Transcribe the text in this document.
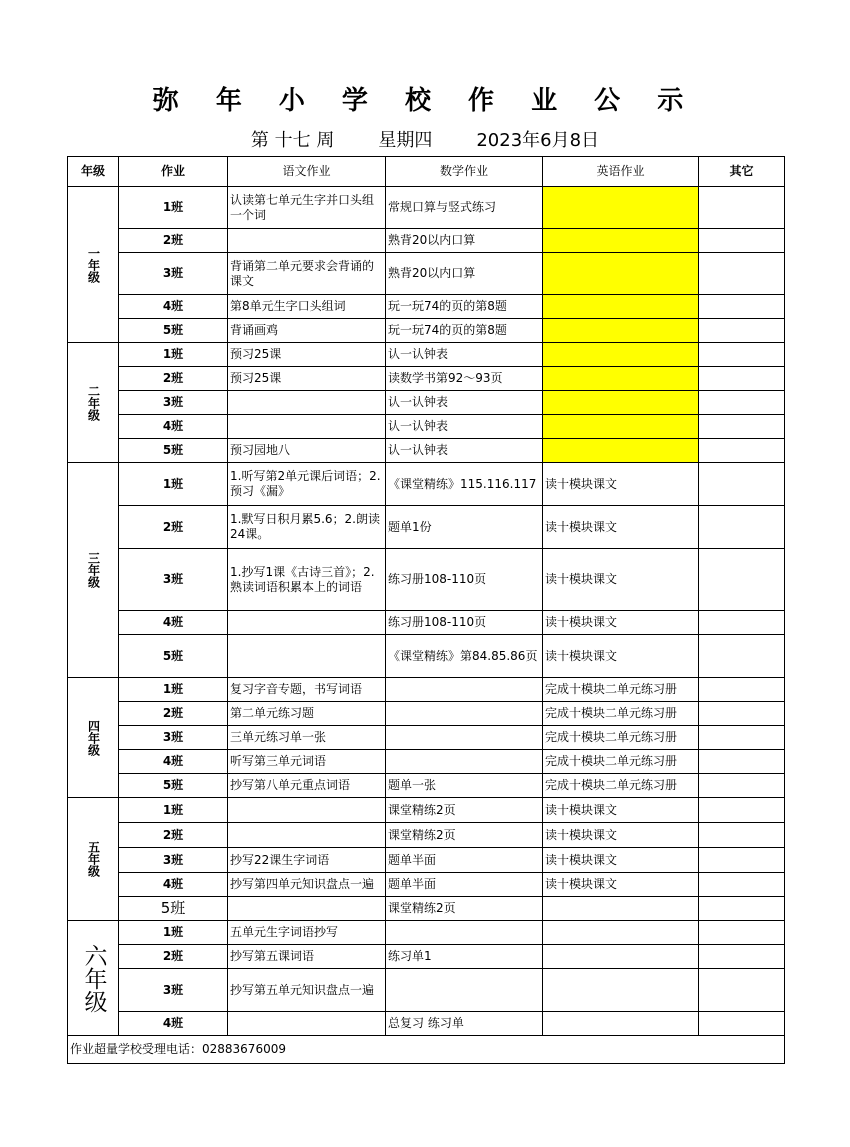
弥 年 小 学 校 作 业 公 示
第 十七 周 星期四 2023年6月8日
年级	作业	语文作业	数学作业	英语作业	其它
一年级	1班	认读第七单元生字并口头组一个词	常规口算与竖式练习		
	2班		熟背20以内口算		
	3班	背诵第二单元要求会背诵的课文	熟背20以内口算		
	4班	第8单元生字口头组词	玩一玩74的页的第8题		
	5班	背诵画鸡	玩一玩74的页的第8题		
二年级	1班	预习25课	认一认钟表		
	2班	预习25课	读数学书第92～93页		
	3班		认一认钟表		
	4班		认一认钟表		
	5班	预习园地八	认一认钟表		
三年级	1班	1.听写第2单元课后词语；2.预习《漏》	《课堂精练》115.116.117	读十模块课文	
	2班	1.默写日积月累5.6；2.朗读24课。	题单1份	读十模块课文	
	3班	1.抄写1课《古诗三首》；2.熟读词语积累本上的词语	练习册108-110页	读十模块课文	
	4班		练习册108-110页	读十模块课文	
	5班		《课堂精练》第84.85.86页	读十模块课文	
四年级	1班	复习字音专题，书写词语		完成十模块二单元练习册	
	2班	第二单元练习题		完成十模块二单元练习册	
	3班	三单元练习单一张		完成十模块二单元练习册	
	4班	听写第三单元词语		完成十模块二单元练习册	
	5班	抄写第八单元重点词语	题单一张	完成十模块二单元练习册	
五年级	1班		课堂精练2页	读十模块课文	
	2班		课堂精练2页	读十模块课文	
	3班	抄写22课生字词语	题单半面	读十模块课文	
	4班	抄写第四单元知识盘点一遍	题单半面	读十模块课文	
	5班		课堂精练2页		
六年级	1班	五单元生字词语抄写			
	2班	抄写第五课词语	练习单1		
	3班	抄写第五单元知识盘点一遍			
	4班		总复习 练习单		
作业超量学校受理电话：02883676009					
